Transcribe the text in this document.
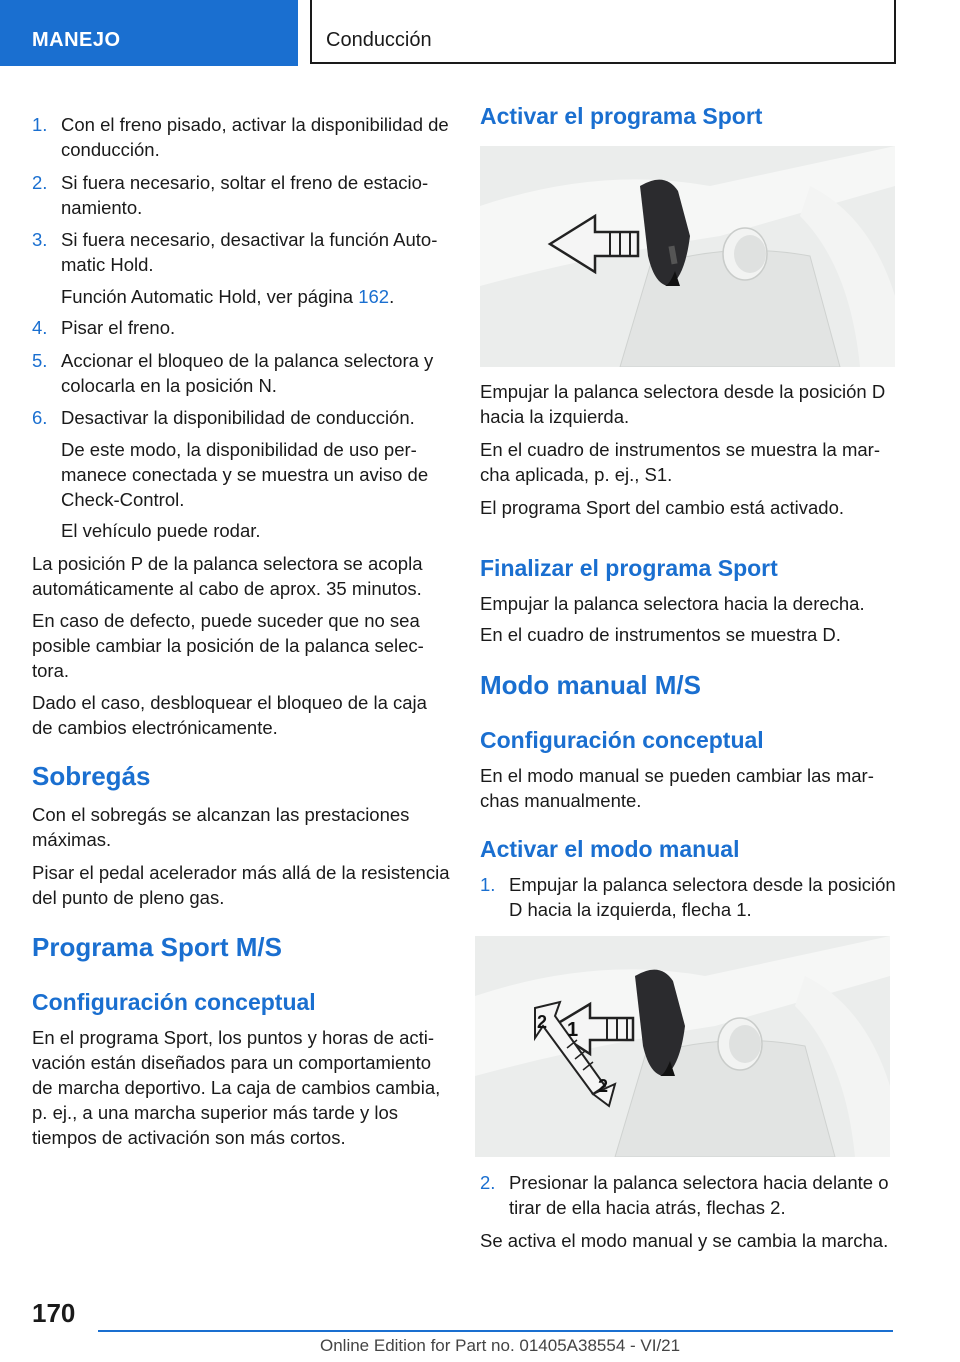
MANEJO	Conducción
1. Con el freno pisado, activar la disponibilidad de conducción.
2. Si fuera necesario, soltar el freno de estacionamiento.
3. Si fuera necesario, desactivar la función Automatic Hold.
Función Automatic Hold, ver página 162.
4. Pisar el freno.
5. Accionar el bloqueo de la palanca selectora y colocarla en la posición N.
6. Desactivar la disponibilidad de conducción.
De este modo, la disponibilidad de uso permanece conectada y se muestra un aviso de Check-Control.
El vehículo puede rodar.
La posición P de la palanca selectora se acopla automáticamente al cabo de aprox. 35 minutos.
En caso de defecto, puede suceder que no sea posible cambiar la posición de la palanca selectora.
Dado el caso, desbloquear el bloqueo de la caja de cambios electrónicamente.
Sobregás
Con el sobregás se alcanzan las prestaciones máximas.
Pisar el pedal acelerador más allá de la resistencia del punto de pleno gas.
Programa Sport M/S
Configuración conceptual
En el programa Sport, los puntos y horas de activación están diseñados para un comportamiento de marcha deportivo. La caja de cambios cambia, p. ej., a una marcha superior más tarde y los tiempos de activación son más cortos.
Activar el programa Sport
Empujar la palanca selectora desde la posición D hacia la izquierda.
En el cuadro de instrumentos se muestra la marcha aplicada, p. ej., S1.
El programa Sport del cambio está activado.
Finalizar el programa Sport
Empujar la palanca selectora hacia la derecha.
En el cuadro de instrumentos se muestra D.
Modo manual M/S
Configuración conceptual
En el modo manual se pueden cambiar las marchas manualmente.
Activar el modo manual
1. Empujar la palanca selectora desde la posición D hacia la izquierda, flecha 1.
1
2
2
2. Presionar la palanca selectora hacia delante o tirar de ella hacia atrás, flechas 2.
Se activa el modo manual y se cambia la marcha.
170
Online Edition for Part no. 01405A38554 - VI/21
